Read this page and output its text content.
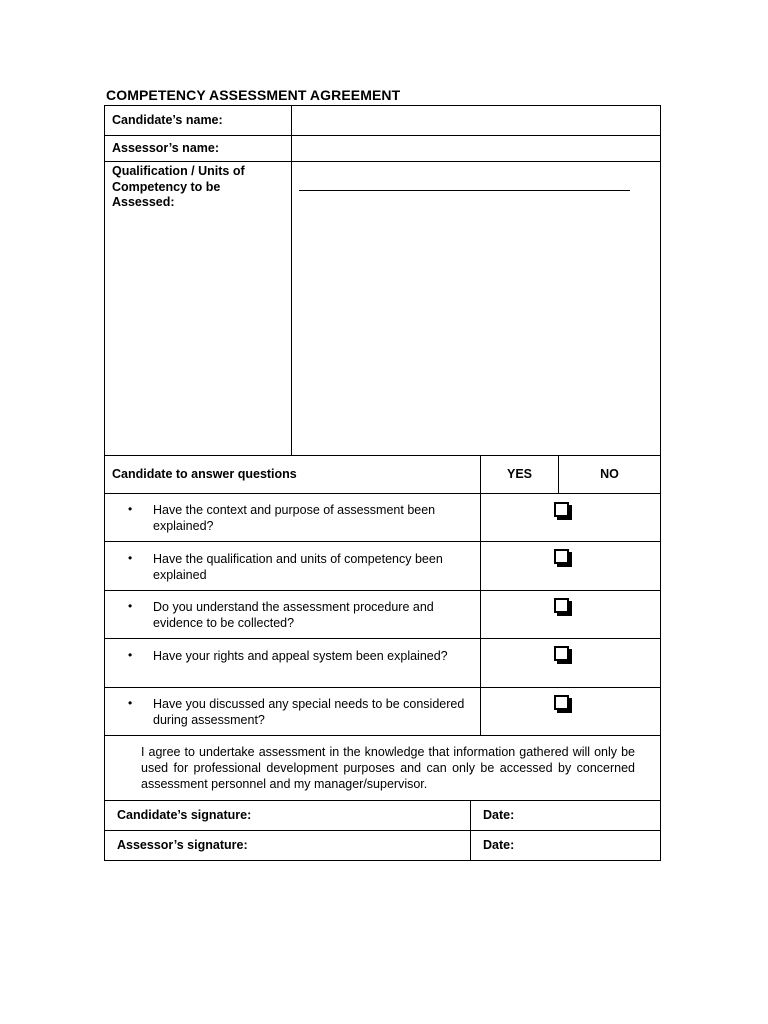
COMPETENCY ASSESSMENT AGREEMENT
Candidate’s name:
Assessor’s name:
Qualification / Units of Competency to be Assessed:
Candidate to answer questions	YES	NO
• Have the context and purpose of assessment been explained?
• Have the qualification and units of competency been explained
• Do you understand the assessment procedure and evidence to be collected?
• Have your rights and appeal system been explained?
• Have you discussed any special needs to be considered during assessment?
I agree to undertake assessment in the knowledge that information gathered will only be used for professional development purposes and can only be accessed by concerned assessment personnel and my manager/supervisor.
Candidate’s signature:	Date:
Assessor’s signature:	Date:
